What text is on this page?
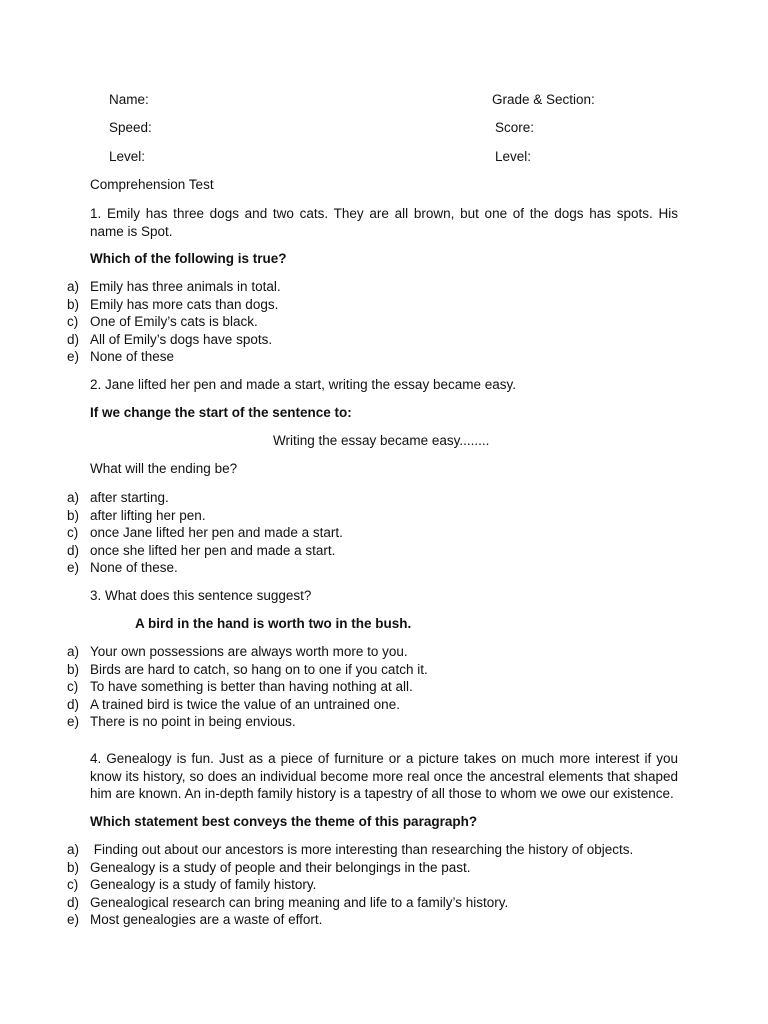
Name:	Grade & Section:
Speed:	Score:
Level:	Level:
Comprehension Test
1. Emily has three dogs and two cats. They are all brown, but one of the dogs has spots. His name is Spot.
Which of the following is true?
a) Emily has three animals in total.
b) Emily has more cats than dogs.
c) One of Emily’s cats is black.
d) All of Emily’s dogs have spots.
e) None of these
2. Jane lifted her pen and made a start, writing the essay became easy.
If we change the start of the sentence to:
Writing the essay became easy........
What will the ending be?
a) after starting.
b) after lifting her pen.
c) once Jane lifted her pen and made a start.
d) once she lifted her pen and made a start.
e) None of these.
3. What does this sentence suggest?
A bird in the hand is worth two in the bush.
a) Your own possessions are always worth more to you.
b) Birds are hard to catch, so hang on to one if you catch it.
c) To have something is better than having nothing at all.
d) A trained bird is twice the value of an untrained one.
e) There is no point in being envious.
4. Genealogy is fun. Just as a piece of furniture or a picture takes on much more interest if you know its history, so does an individual become more real once the ancestral elements that shaped him are known. An in-depth family history is a tapestry of all those to whom we owe our existence.
Which statement best conveys the theme of this paragraph?
a) Finding out about our ancestors is more interesting than researching the history of objects.
b) Genealogy is a study of people and their belongings in the past.
c) Genealogy is a study of family history.
d) Genealogical research can bring meaning and life to a family’s history.
e) Most genealogies are a waste of effort.
